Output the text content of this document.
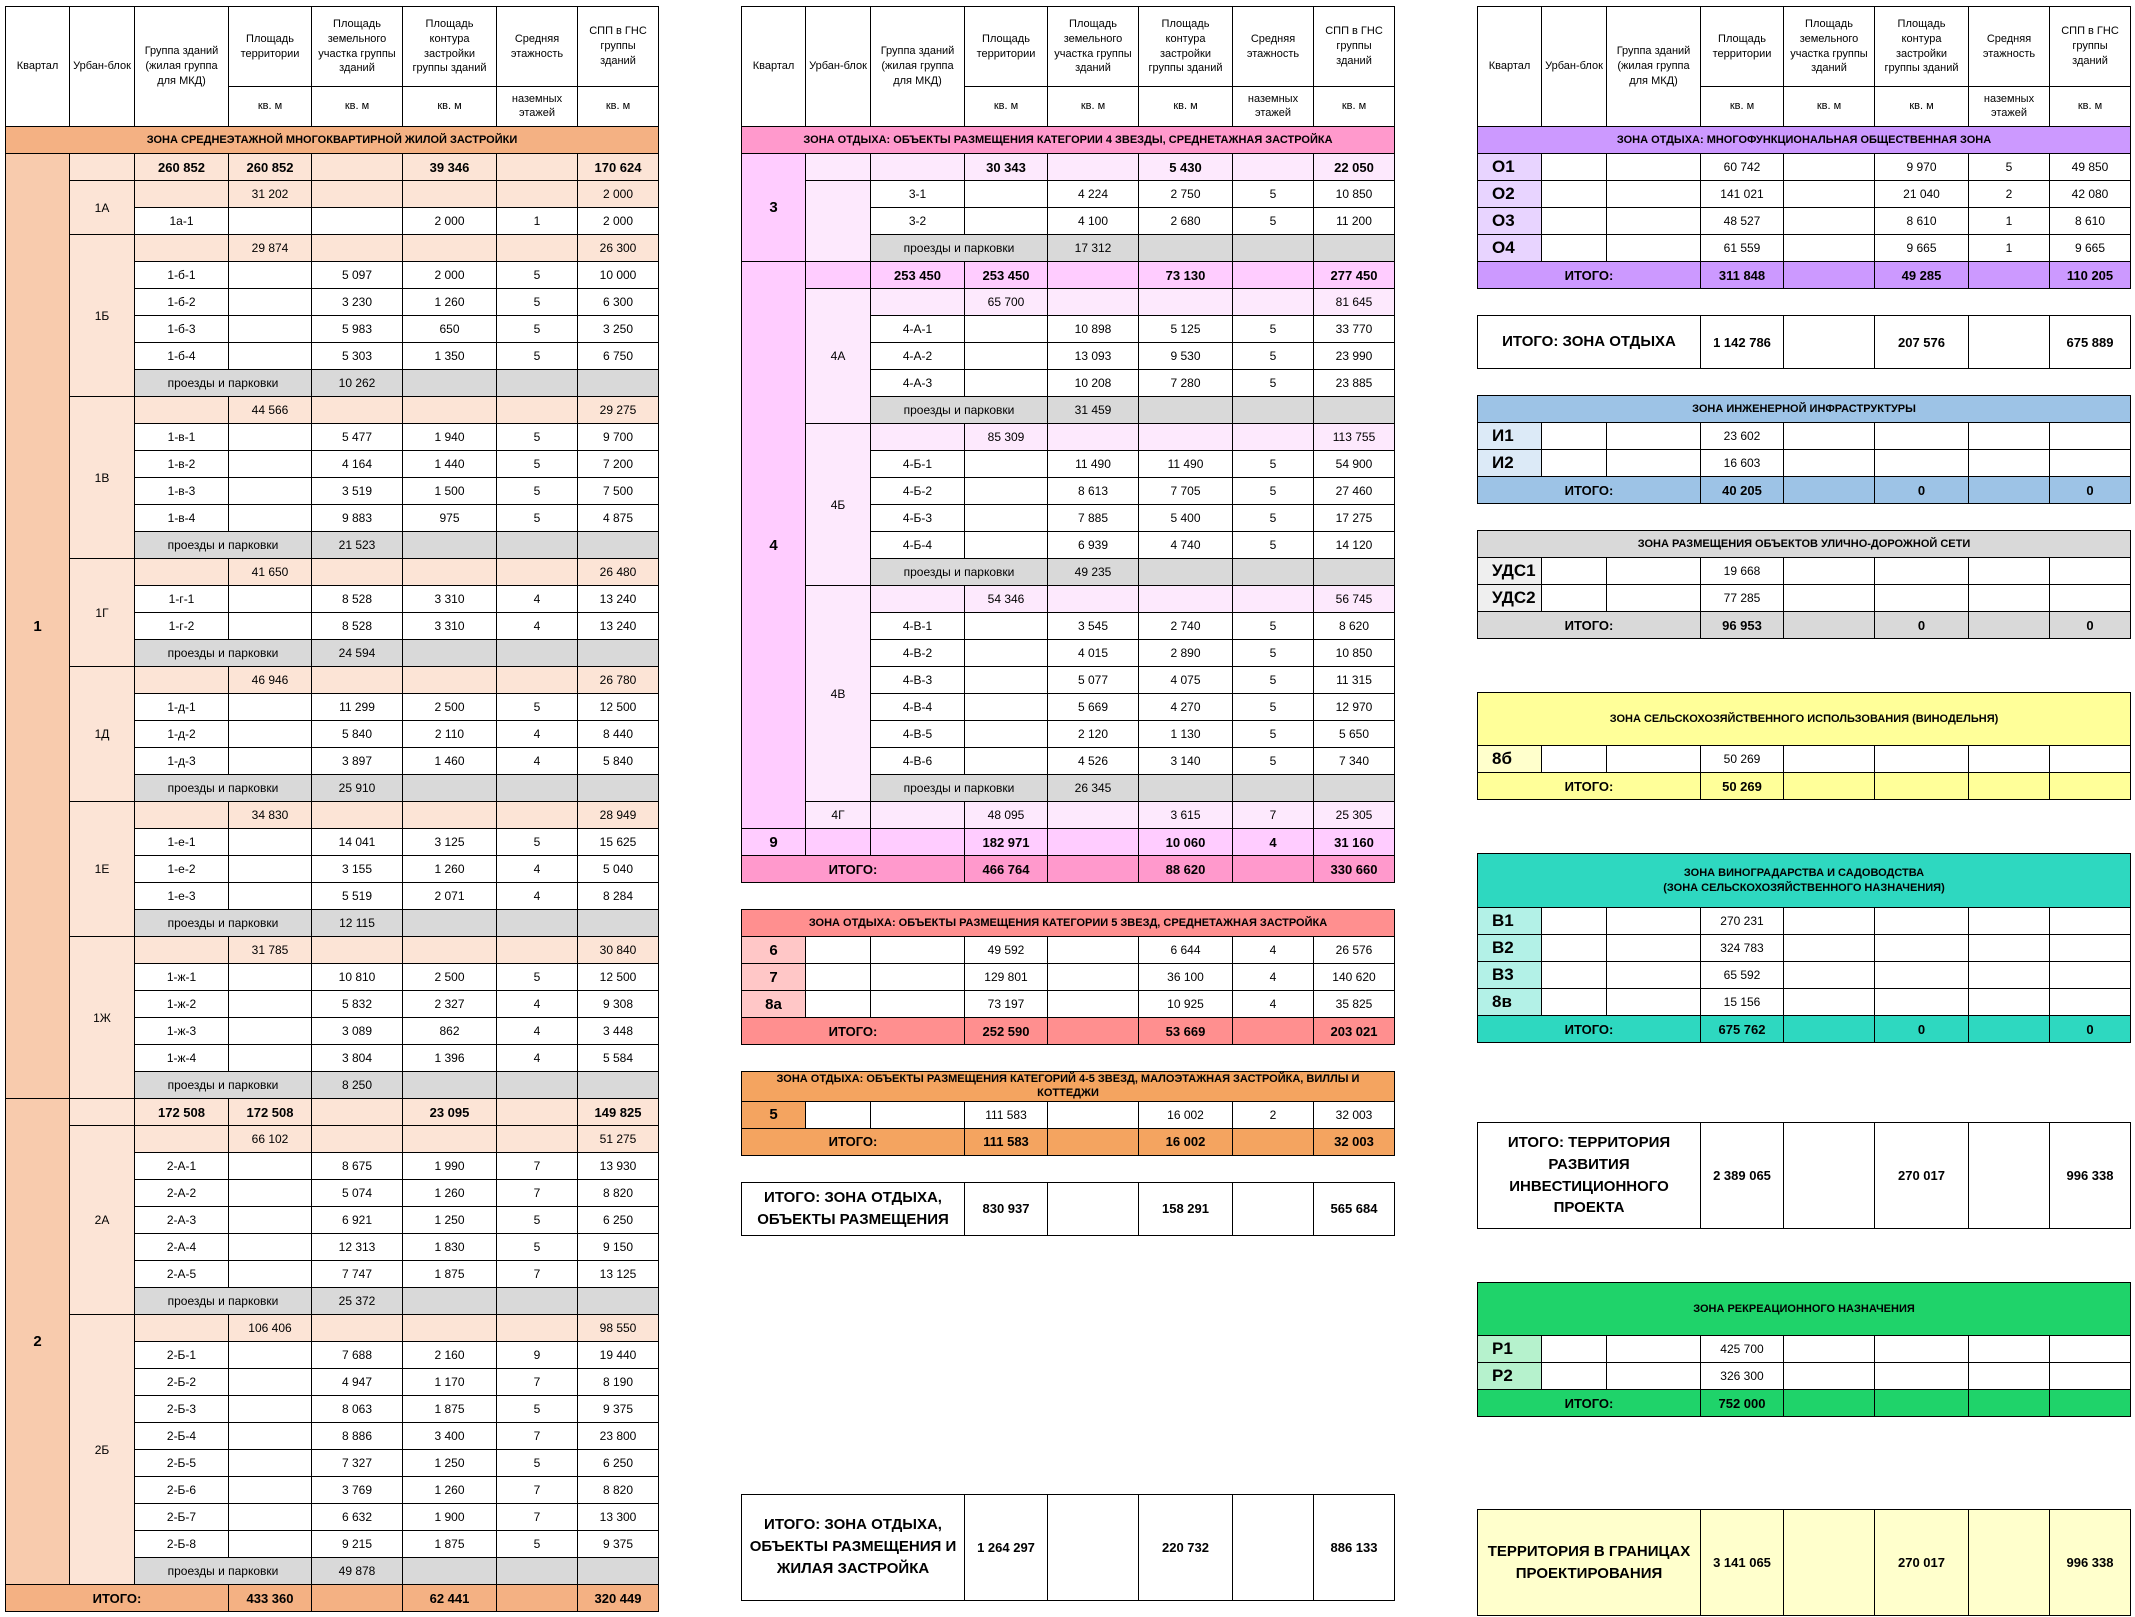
Квартал	Урбан-блок	Группа зданий (жилая группа для МКД)	Площадь территории	Площадь земельного участка группы зданий	Площадь контура застройки группы зданий	Средняя этажность	СПП в ГНС группы зданий
			кв. м	кв. м	кв. м	наземных этажей	кв. м
ЗОНА СРЕДНЕЭТАЖНОЙ МНОГОКВАРТИРНОЙ ЖИЛОЙ ЗАСТРОЙКИ							
1		260 852	260 852		39 346		170 624
	1А		31 202				2 000
		1а-1			2 000	1	2 000
	1Б		29 874				26 300
		1-б-1		5 097	2 000	5	10 000
		1-б-2		3 230	1 260	5	6 300
		1-б-3		5 983	650	5	3 250
		1-б-4		5 303	1 350	5	6 750
		проезды и парковки		10 262			
	1В		44 566				29 275
		1-в-1		5 477	1 940	5	9 700
		1-в-2		4 164	1 440	5	7 200
		1-в-3		3 519	1 500	5	7 500
		1-в-4		9 883	975	5	4 875
		проезды и парковки		21 523			
	1Г		41 650				26 480
		1-г-1		8 528	3 310	4	13 240
		1-г-2		8 528	3 310	4	13 240
		проезды и парковки		24 594			
	1Д		46 946				26 780
		1-д-1		11 299	2 500	5	12 500
		1-д-2		5 840	2 110	4	8 440
		1-д-3		3 897	1 460	4	5 840
		проезды и парковки		25 910			
	1Е		34 830				28 949
		1-е-1		14 041	3 125	5	15 625
		1-е-2		3 155	1 260	4	5 040
		1-е-3		5 519	2 071	4	8 284
		проезды и парковки		12 115			
	1Ж		31 785				30 840
		1-ж-1		10 810	2 500	5	12 500
		1-ж-2		5 832	2 327	4	9 308
		1-ж-3		3 089	862	4	3 448
		1-ж-4		3 804	1 396	4	5 584
		проезды и парковки		8 250			
2		172 508	172 508		23 095		149 825
	2А		66 102				51 275
		2-А-1		8 675	1 990	7	13 930
		2-А-2		5 074	1 260	7	8 820
		2-А-3		6 921	1 250	5	6 250
		2-А-4		12 313	1 830	5	9 150
		2-А-5		7 747	1 875	7	13 125
		проезды и парковки		25 372			
	2Б		106 406				98 550
		2-Б-1		7 688	2 160	9	19 440
		2-Б-2		4 947	1 170	7	8 190
		2-Б-3		8 063	1 875	5	9 375
		2-Б-4		8 886	3 400	7	23 800
		2-Б-5		7 327	1 250	5	6 250
		2-Б-6		3 769	1 260	7	8 820
		2-Б-7		6 632	1 900	7	13 300
		2-Б-8		9 215	1 875	5	9 375
		проезды и парковки		49 878			
ИТОГО:			433 360		62 441		320 449
Квартал	Урбан-блок	Группа зданий (жилая группа для МКД)	Площадь территории	Площадь земельного участка группы зданий	Площадь контура застройки группы зданий	Средняя этажность	СПП в ГНС группы зданий
			кв. м	кв. м	кв. м	наземных этажей	кв. м
ЗОНА ОТДЫХА: ОБЪЕКТЫ РАЗМЕЩЕНИЯ КАТЕГОРИИ 4 ЗВЕЗДЫ, СРЕДНЕТАЖНАЯ ЗАСТРОЙКА							
3			30 343		5 430		22 050
		3-1		4 224	2 750	5	10 850
		3-2		4 100	2 680	5	11 200
		проезды и парковки		17 312			
4		253 450	253 450		73 130		277 450
	4А		65 700				81 645
		4-А-1		10 898	5 125	5	33 770
		4-А-2		13 093	9 530	5	23 990
		4-А-3		10 208	7 280	5	23 885
		проезды и парковки		31 459			
	4Б		85 309				113 755
		4-Б-1		11 490	11 490	5	54 900
		4-Б-2		8 613	7 705	5	27 460
		4-Б-3		7 885	5 400	5	17 275
		4-Б-4		6 939	4 740	5	14 120
		проезды и парковки		49 235			
	4В		54 346				56 745
		4-В-1		3 545	2 740	5	8 620
		4-В-2		4 015	2 890	5	10 850
		4-В-3		5 077	4 075	5	11 315
		4-В-4		5 669	4 270	5	12 970
		4-В-5		2 120	1 130	5	5 650
		4-В-6		4 526	3 140	5	7 340
		проезды и парковки		26 345			
	4Г		48 095		3 615	7	25 305
9			182 971		10 060	4	31 160
ИТОГО:			466 764		88 620		330 660

ЗОНА ОТДЫХА: ОБЪЕКТЫ РАЗМЕЩЕНИЯ КАТЕГОРИИ 5 ЗВЕЗД, СРЕДНЕТАЖНАЯ ЗАСТРОЙКА							
6			49 592		6 644	4	26 576
7			129 801		36 100	4	140 620
8а			73 197		10 925	4	35 825
ИТОГО:			252 590		53 669		203 021

ЗОНА ОТДЫХА: ОБЪЕКТЫ РАЗМЕЩЕНИЯ КАТЕГОРИЙ 4-5 ЗВЕЗД, МАЛОЭТАЖНАЯ ЗАСТРОЙКА, ВИЛЛЫ И КОТТЕДЖИ							
5			111 583		16 002	2	32 003
ИТОГО:			111 583		16 002		32 003

ИТОГО: ЗОНА ОТДЫХА, ОБЪЕКТЫ РАЗМЕЩЕНИЯ			830 937		158 291		565 684

ИТОГО: ЗОНА ОТДЫХА, ОБЪЕКТЫ РАЗМЕЩЕНИЯ И ЖИЛАЯ ЗАСТРОЙКА			1 264 297		220 732		886 133
Квартал	Урбан-блок	Группа зданий (жилая группа для МКД)	Площадь территории	Площадь земельного участка группы зданий	Площадь контура застройки группы зданий	Средняя этажность	СПП в ГНС группы зданий
			кв. м	кв. м	кв. м	наземных этажей	кв. м
ЗОНА ОТДЫХА: МНОГОФУНКЦИОНАЛЬНАЯ ОБЩЕСТВЕННАЯ ЗОНА							
О1			60 742		9 970	5	49 850
О2			141 021		21 040	2	42 080
О3			48 527		8 610	1	8 610
О4			61 559		9 665	1	9 665
ИТОГО:			311 848		49 285		110 205

ИТОГО: ЗОНА ОТДЫХА			1 142 786		207 576		675 889

ЗОНА ИНЖЕНЕРНОЙ ИНФРАСТРУКТУРЫ							
И1			23 602				
И2			16 603				
ИТОГО:			40 205		0		0

ЗОНА РАЗМЕЩЕНИЯ ОБЪЕКТОВ УЛИЧНО-ДОРОЖНОЙ СЕТИ							
УДС1			19 668				
УДС2			77 285				
ИТОГО:			96 953		0		0

ЗОНА СЕЛЬСКОХОЗЯЙСТВЕННОГО ИСПОЛЬЗОВАНИЯ (ВИНОДЕЛЬНЯ)							
8б			50 269				
ИТОГО:			50 269				

ЗОНА ВИНОГРАДАРСТВА И САДОВОДСТВА
(ЗОНА СЕЛЬСКОХОЗЯЙСТВЕННОГО НАЗНАЧЕНИЯ)							

В1			270 231				
В2			324 783				
В3			65 592				
8в			15 156				
ИТОГО:			675 762		0		0

ИТОГО: ТЕРРИТОРИЯ РАЗВИТИЯ ИНВЕСТИЦИОННОГО ПРОЕКТА			2 389 065		270 017		996 338

ЗОНА РЕКРЕАЦИОННОГО НАЗНАЧЕНИЯ							
Р1			425 700				
Р2			326 300				
ИТОГО:			752 000				

ТЕРРИТОРИЯ В ГРАНИЦАХ ПРОЕКТИРОВАНИЯ			3 141 065		270 017		996 338
